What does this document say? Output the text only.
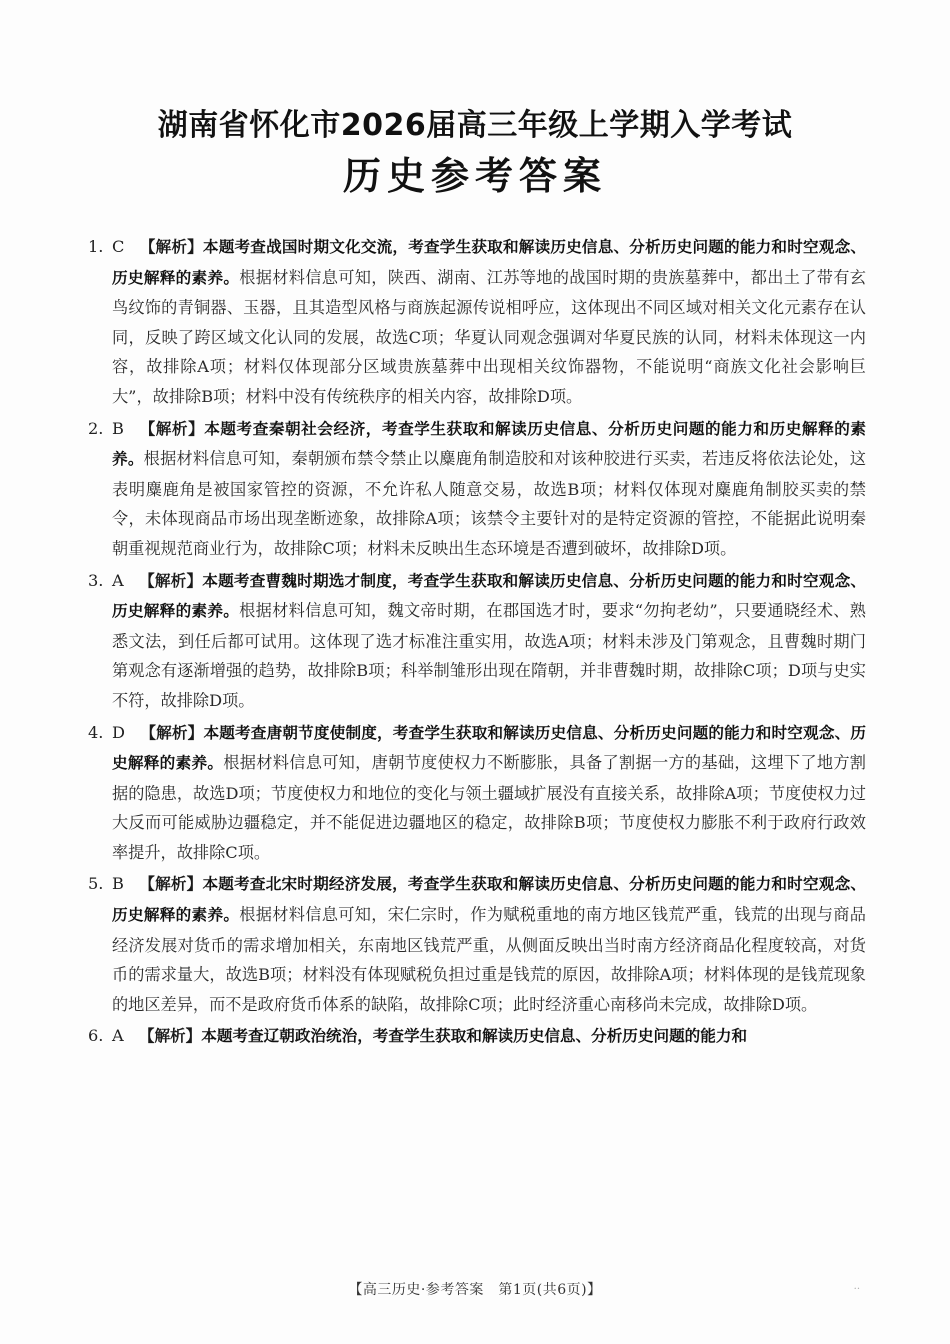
湖南省怀化市2026届高三年级上学期入学考试
历史参考答案
1. C 【解析】本题考查战国时期文化交流，考查学生获取和解读历史信息、分析历史问题的能力和时空观念、历史解释的素养。根据材料信息可知，陕西、湖南、江苏等地的战国时期的贵族墓葬中，都出土了带有玄鸟纹饰的青铜器、玉器，且其造型风格与商族起源传说相呼应，这体现出不同区域对相关文化元素存在认同，反映了跨区域文化认同的发展，故选C项；华夏认同观念强调对华夏民族的认同，材料未体现这一内容，故排除A项；材料仅体现部分区域贵族墓葬中出现相关纹饰器物，不能说明“商族文化社会影响巨大”，故排除B项；材料中没有传统秩序的相关内容，故排除D项。
2. B 【解析】本题考查秦朝社会经济，考查学生获取和解读历史信息、分析历史问题的能力和历史解释的素养。根据材料信息可知，秦朝颁布禁令禁止以麋鹿角制造胶和对该种胶进行买卖，若违反将依法论处，这表明麋鹿角是被国家管控的资源，不允许私人随意交易，故选B项；材料仅体现对麋鹿角制胶买卖的禁令，未体现商品市场出现垄断迹象，故排除A项；该禁令主要针对的是特定资源的管控，不能据此说明秦朝重视规范商业行为，故排除C项；材料未反映出生态环境是否遭到破坏，故排除D项。
3. A 【解析】本题考查曹魏时期选才制度，考查学生获取和解读历史信息、分析历史问题的能力和时空观念、历史解释的素养。根据材料信息可知，魏文帝时期，在郡国选才时，要求“勿拘老幼”，只要通晓经术、熟悉文法，到任后都可试用。这体现了选才标准注重实用，故选A项；材料未涉及门第观念，且曹魏时期门第观念有逐渐增强的趋势，故排除B项；科举制雏形出现在隋朝，并非曹魏时期，故排除C项；D项与史实不符，故排除D项。
4. D 【解析】本题考查唐朝节度使制度，考查学生获取和解读历史信息、分析历史问题的能力和时空观念、历史解释的素养。根据材料信息可知，唐朝节度使权力不断膨胀，具备了割据一方的基础，这埋下了地方割据的隐患，故选D项；节度使权力和地位的变化与领土疆域扩展没有直接关系，故排除A项；节度使权力过大反而可能威胁边疆稳定，并不能促进边疆地区的稳定，故排除B项；节度使权力膨胀不利于政府行政效率提升，故排除C项。
5. B 【解析】本题考查北宋时期经济发展，考查学生获取和解读历史信息、分析历史问题的能力和时空观念、历史解释的素养。根据材料信息可知，宋仁宗时，作为赋税重地的南方地区钱荒严重，钱荒的出现与商品经济发展对货币的需求增加相关，东南地区钱荒严重，从侧面反映出当时南方经济商品化程度较高，对货币的需求量大，故选B项；材料没有体现赋税负担过重是钱荒的原因，故排除A项；材料体现的是钱荒现象的地区差异，而不是政府货币体系的缺陷，故排除C项；此时经济重心南移尚未完成，故排除D项。
6. A 【解析】本题考查辽朝政治统治，考查学生获取和解读历史信息、分析历史问题的能力和
【高三历史·参考答案　第1页(共6页)】	..
